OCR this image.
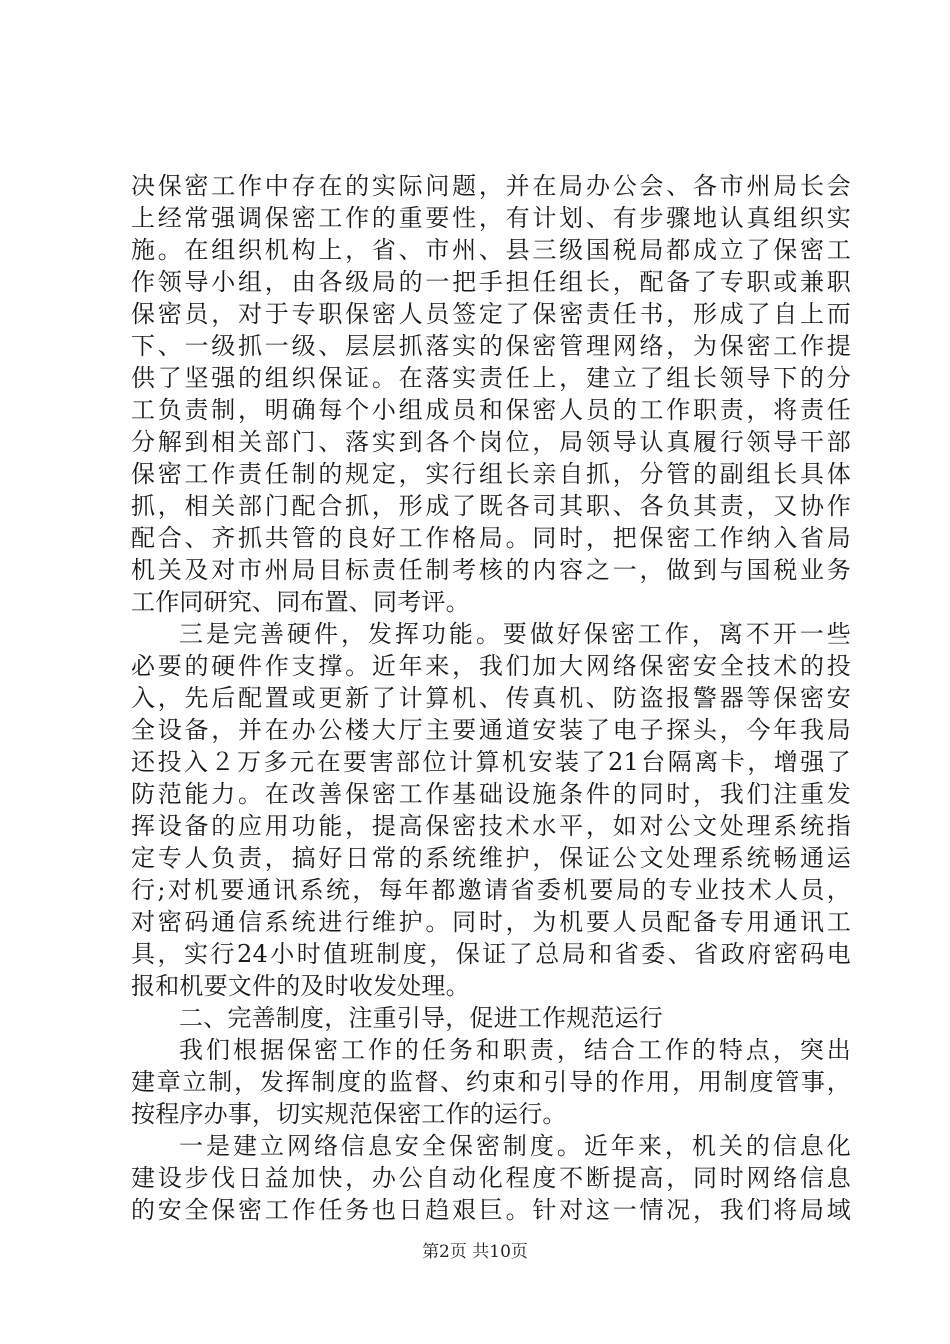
决保密工作中存在的实际问题，并在局办公会、各市州局长会
上经常强调保密工作的重要性，有计划、有步骤地认真组织实
施。在组织机构上，省、市州、县三级国税局都成立了保密工
作领导小组，由各级局的一把手担任组长，配备了专职或兼职
保密员，对于专职保密人员签定了保密责任书，形成了自上而
下、一级抓一级、层层抓落实的保密管理网络，为保密工作提
供了坚强的组织保证。在落实责任上，建立了组长领导下的分
工负责制，明确每个小组成员和保密人员的工作职责，将责任
分解到相关部门、落实到各个岗位，局领导认真履行领导干部
保密工作责任制的规定，实行组长亲自抓，分管的副组长具体
抓，相关部门配合抓，形成了既各司其职、各负其责，又协作
配合、齐抓共管的良好工作格局。同时，把保密工作纳入省局
机关及对市州局目标责任制考核的内容之一，做到与国税业务
工作同研究、同布置、同考评。
三是完善硬件，发挥功能。要做好保密工作，离不开一些
必要的硬件作支撑。近年来，我们加大网络保密安全技术的投
入，先后配置或更新了计算机、传真机、防盗报警器等保密安
全设备，并在办公楼大厅主要通道安装了电子探头，今年我局
还投入２万多元在要害部位计算机安装了21台隔离卡，增强了
防范能力。在改善保密工作基础设施条件的同时，我们注重发
挥设备的应用功能，提高保密技术水平，如对公文处理系统指
定专人负责，搞好日常的系统维护，保证公文处理系统畅通运
行;对机要通讯系统，每年都邀请省委机要局的专业技术人员，
对密码通信系统进行维护。同时，为机要人员配备专用通讯工
具，实行24小时值班制度，保证了总局和省委、省政府密码电
报和机要文件的及时收发处理。
二、完善制度，注重引导，促进工作规范运行
我们根据保密工作的任务和职责，结合工作的特点，突出
建章立制，发挥制度的监督、约束和引导的作用，用制度管事，
按程序办事，切实规范保密工作的运行。
一是建立网络信息安全保密制度。近年来，机关的信息化
建设步伐日益加快，办公自动化程度不断提高，同时网络信息
的安全保密工作任务也日趋艰巨。针对这一情况，我们将局域
第2页 共10页
